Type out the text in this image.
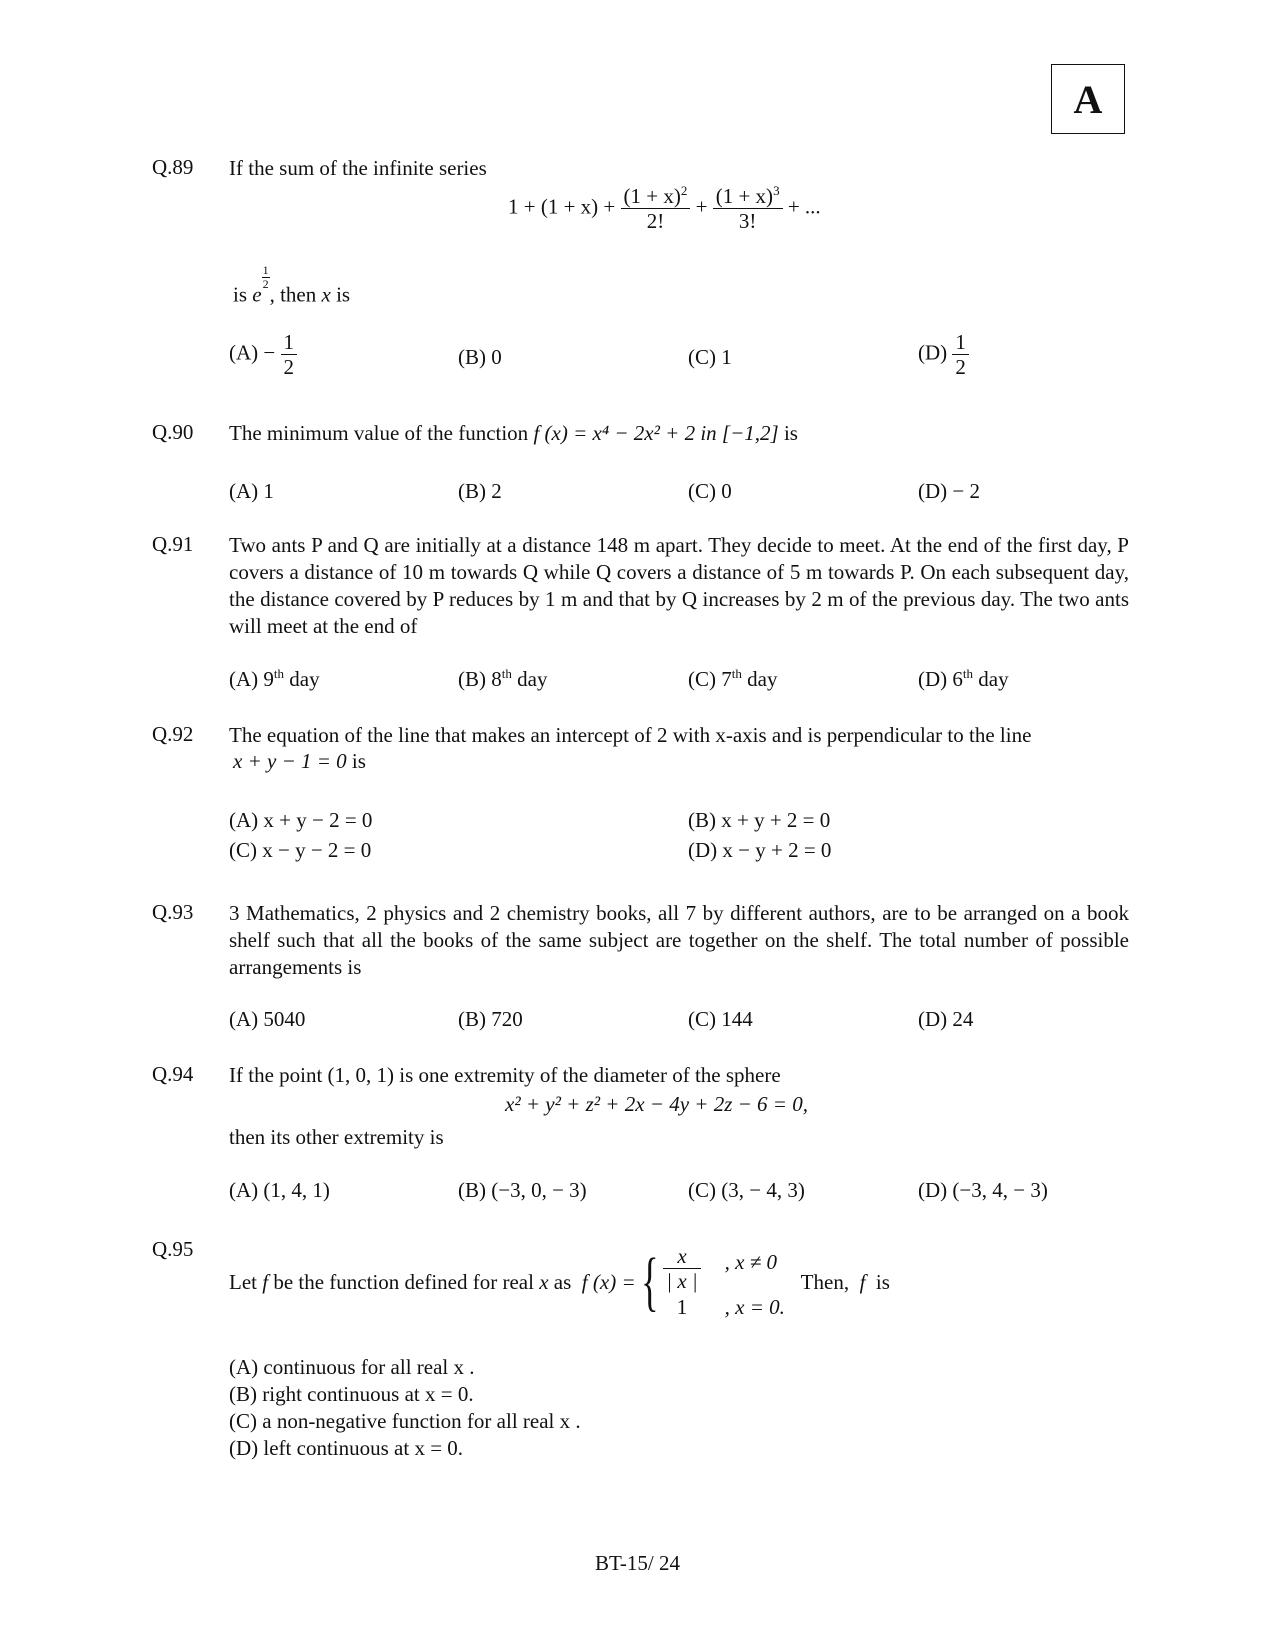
A
Q.89 If the sum of the infinite series
$1 + (1 + x) + \frac{(1 + x)^2}{2!} + \frac{(1 + x)^3}{3!}$ + ...
is e
$\frac{1}{2}$
, then x is
$(A) - \frac{1}{2}$	(B) 0	(C) 1	$(D) \frac{1}{2}$
Q.90 The minimum value of the function f (x) = x⁴ − 2x² + 2 in [−1,2] is
(A) 1	(B) 2	(C) 0	(D) − 2
Q.91 Two ants P and Q are initially at a distance 148 m apart. They decide to meet. At the end of the first day, P covers a distance of 10 m towards Q while Q covers a distance of 5 m towards P. On each subsequent day, the distance covered by P reduces by 1 m and that by Q increases by 2 m of the previous day. The two ants will meet at the end of
(A) 9th day	(B) 8th day	(C) 7th day	(D) 6th day
Q.92 The equation of the line that makes an intercept of 2 with x-axis and is perpendicular to the line
x + y − 1 = 0 is
(A) x + y − 2 = 0	(B) x + y + 2 = 0
(C) x − y − 2 = 0	(D) x − y + 2 = 0
Q.93 3 Mathematics, 2 physics and 2 chemistry books, all 7 by different authors, are to be arranged on a book shelf such that all the books of the same subject are together on the shelf. The total number of possible arrangements is
(A) 5040	(B) 720	(C) 144	(D) 24
Q.94 If the point (1, 0, 1) is one extremity of the diameter of the sphere
x² + y² + z² + 2x − 4y + 2z − 6 = 0,
then its other extremity is
(A) (1, 4, 1)	(B) (−3, 0, − 3)	(C) (3, − 4, 3)	(D) (−3, 4, − 3)
Q.95
Let
f
be the function defined for real
x
as
f (x) = { $\frac{x}{| x |}$ , x ≠ 0
1	, x = 0.

Then,
f
is
(A) continuous for all real x .
(B) right continuous at x = 0.
(C) a non-negative function for all real x .
(D) left continuous at x = 0.
BT-15/ 24
